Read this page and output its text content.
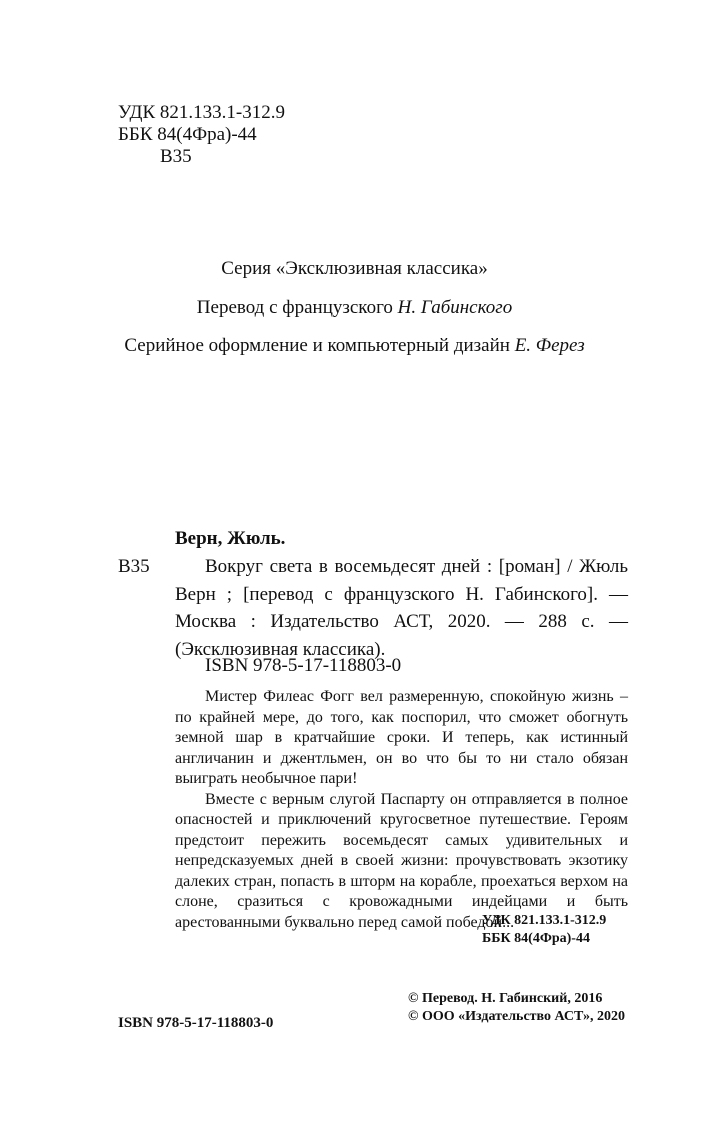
УДК 821.133.1-312.9
ББК 84(4Фра)-44
В35
Серия «Эксклюзивная классика»
Перевод с французского Н. Габинского
Серийное оформление и компьютерный дизайн Е. Ферез
Верн, Жюль.
В35	Вокруг света в восемьдесят дней : [роман] / Жюль Верн ; [перевод с французского Н. Габинского]. — Москва : Издательство АСТ, 2020. — 288 с. — (Эксклюзивная классика).
ISBN 978-5-17-118803-0

Мистер Филеас Фогг вел размеренную, спокойную жизнь – по крайней мере, до того, как поспорил, что сможет обогнуть земной шар в кратчайшие сроки. И теперь, как истинный англичанин и джентльмен, он во что бы то ни стало обязан выиграть необычное пари!

Вместе с верным слугой Паспарту он отправляется в полное опасностей и приключений кругосветное путешествие. Героям предстоит пережить восемьдесят самых удивительных и непредсказуемых дней в своей жизни: прочувствовать экзотику далеких стран, попасть в шторм на корабле, проехаться верхом на слоне, сразиться с кровожадными индейцами и быть арестованными буквально перед самой победой...

УДК 821.133.1-312.9
ББК 84(4Фра)-44
© Перевод. Н. Габинский, 2016
© ООО «Издательство АСТ», 2020
ISBN 978-5-17-118803-0
